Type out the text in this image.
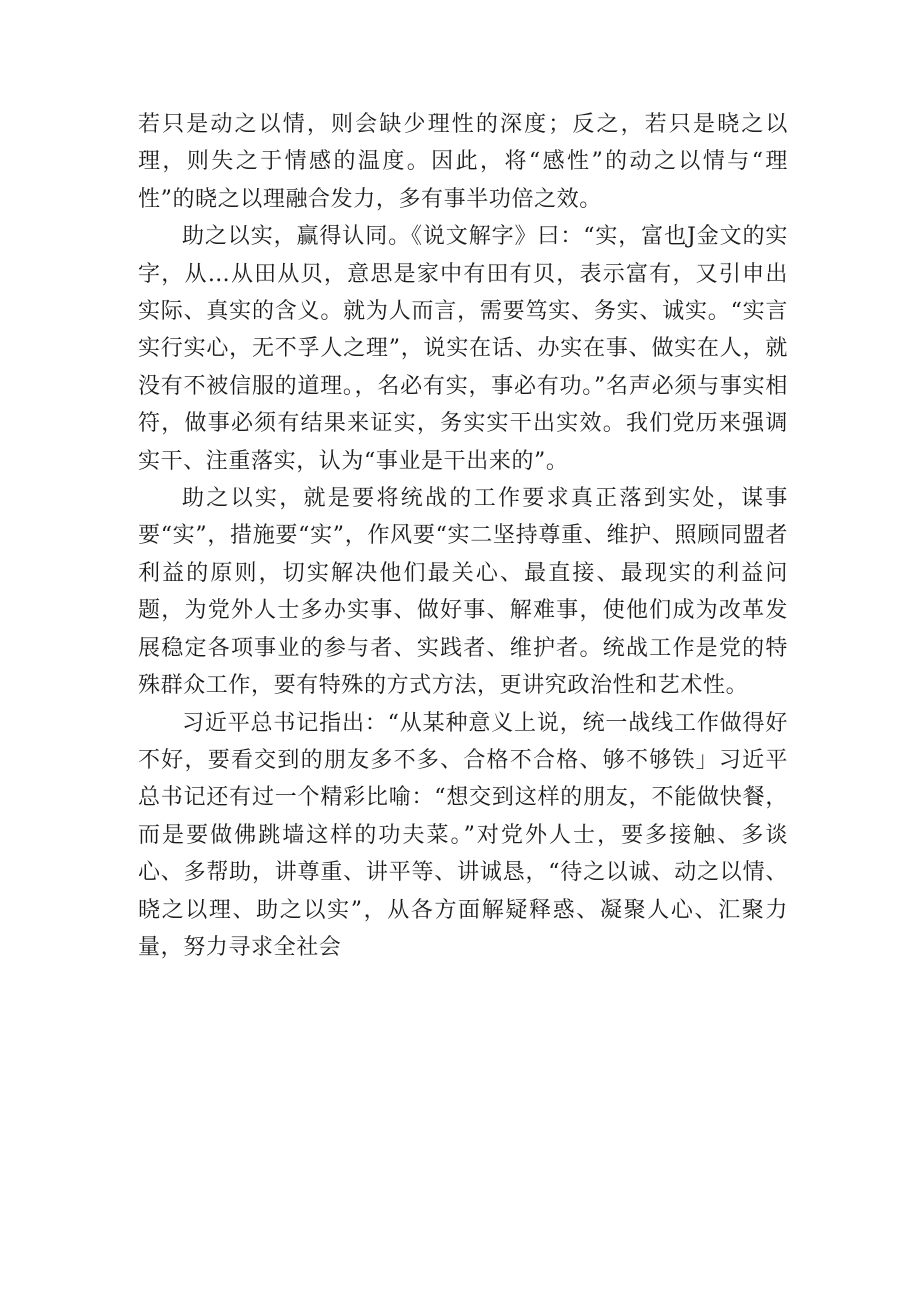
若只是动之以情，则会缺少理性的深度；反之，若只是晓之以理，则失之于情感的温度。因此，将“感性”的动之以情与“理性”的晓之以理融合发力，多有事半功倍之效。

助之以实，赢得认同。《说文解字》曰：“实，富也J金文的实字，从…从田从贝，意思是家中有田有贝，表示富有，又引申出实际、真实的含义。就为人而言，需要笃实、务实、诚实。“实言实行实心，无不孚人之理”，说实在话、办实在事、做实在人，就没有不被信服的道理。，名必有实，事必有功。”名声必须与事实相符，做事必须有结果来证实，务实实干出实效。我们党历来强调实干、注重落实，认为“事业是干出来的”。

助之以实，就是要将统战的工作要求真正落到实处，谋事要“实”，措施要“实”，作风要“实二坚持尊重、维护、照顾同盟者利益的原则，切实解决他们最关心、最直接、最现实的利益问题，为党外人士多办实事、做好事、解难事，使他们成为改革发展稳定各项事业的参与者、实践者、维护者。统战工作是党的特殊群众工作，要有特殊的方式方法，更讲究政治性和艺术性。

习近平总书记指出：“从某种意义上说，统一战线工作做得好不好，要看交到的朋友多不多、合格不合格、够不够铁」习近平总书记还有过一个精彩比喻：“想交到这样的朋友，不能做快餐，而是要做佛跳墙这样的功夫菜。”对党外人士，要多接触、多谈心、多帮助，讲尊重、讲平等、讲诚恳，“待之以诚、动之以情、晓之以理、助之以实”，从各方面解疑释惑、凝聚人心、汇聚力量，努力寻求全社会
